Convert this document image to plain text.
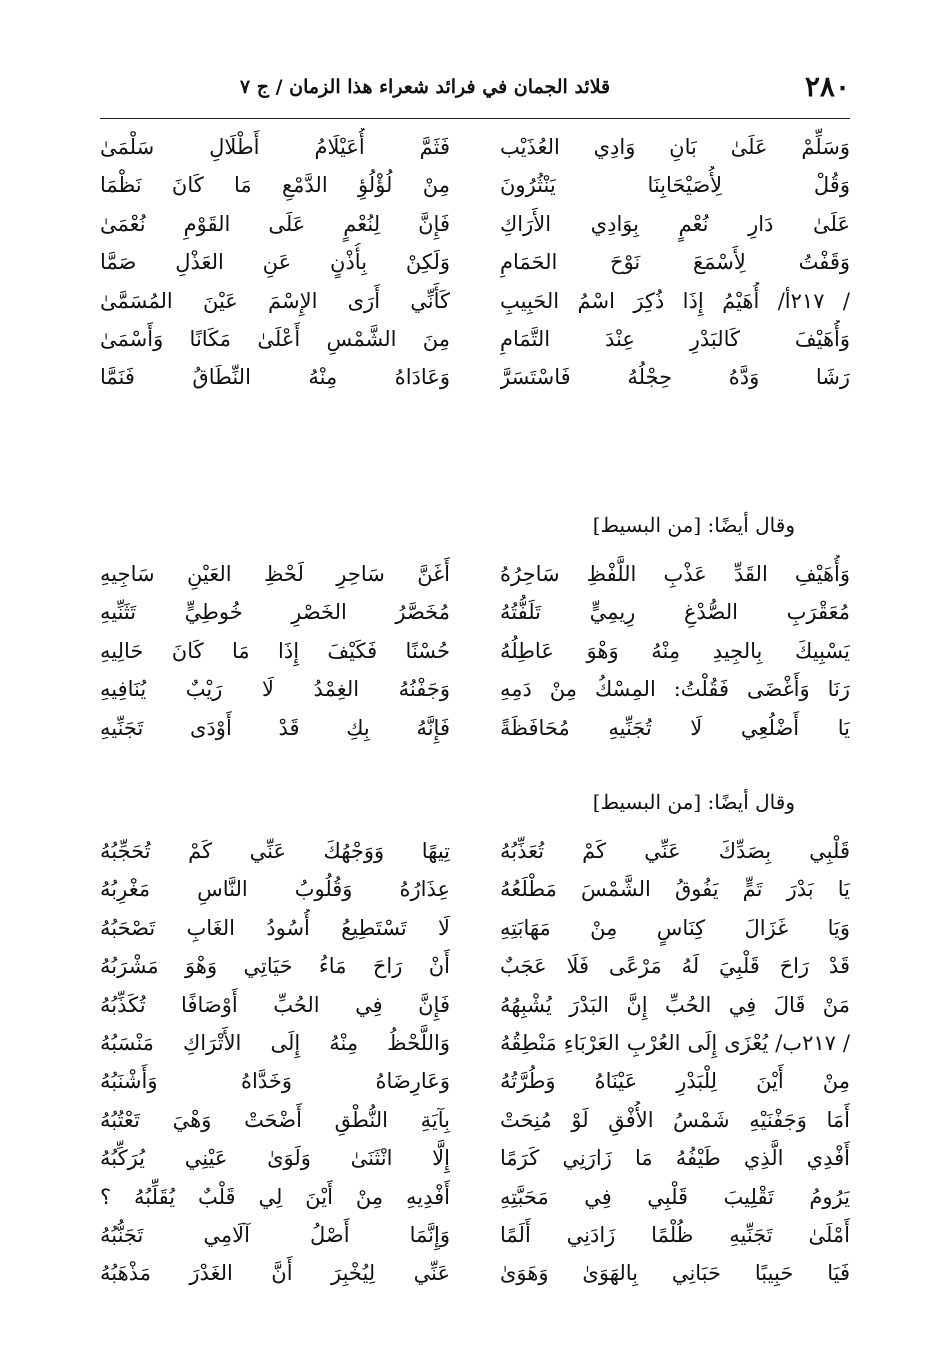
٢٨٠
قلائد الجمان في فرائد شعراء هذا الزمان / ج ٧
وَسَلِّمْ عَلَىٰ بَانِ وَادِي العُذَيْب
فَثَمَّ أُعَيْلَامُ أَطْلَالِ سَلْمَىٰ
وَقُلْ لِأُصَيْحَابِنَا يَنْثُرُونَ
مِنْ لُؤْلُؤِ الدَّمْعِ مَا كَانَ نَظْمَا
عَلَىٰ دَارِ نُعْمٍ بِوَادِي الأَرَاكِ
فَإِنَّ لِنُعْمٍ عَلَى القَوْمِ نُعْمَىٰ
وَقَفْتُ لِأَسْمَعَ نَوْحَ الحَمَامِ
وَلَكِنْ بِأُذْنٍ عَنِ العَذْلِ صَمَّا
/ ٢١٧أ/ أُهَيْمُ إِذَا ذُكِرَ اسْمُ الحَبِيبِ
كَأَنِّي أَرَى الإِسْمَ عَيْنَ المُسَمَّىٰ
وَأُهَيْفَ كَالبَدْرِ عِنْدَ التَّمَامِ
مِنَ الشَّمْسِ أَعْلَىٰ مَكَانًا وَأَسْمَىٰ
رَشَا وَدَّهُ حِجْلُهُ فَاسْتَسَرَّ
وَعَادَاهُ مِنْهُ النِّطَاقُ فَنَمَّا
وقال أيضًا: [من البسيط]
وَأُهَيْفِ القَدِّ عَذْبِ اللَّفْظِ سَاحِرُهُ
أَغَنَّ سَاحِرِ لَحْظِ العَيْنِ سَاجِيهِ
مُعَقْرَبِ الصُّدْغِ رِيمِيٍّ تَلَفُّتُهُ
مُخَصَّرُ الخَصْرِ خُوطِيٍّ تَثَنِّيهِ
يَسْبِيكَ بِالجِيدِ مِنْهُ وَهْوَ عَاطِلُهُ
حُسْنًا فَكَيْفَ إِذَا مَا كَانَ حَالِيهِ
رَنَا وَأَغْضَى فَقُلْتُ: المِسْكُ مِنْ دَمِهِ
وَجَفْنُهُ الغِمْدُ لَا رَيْبٌ يُنَافِيهِ
يَا أَضْلُعِي لَا تُجَنِّيهِ مُحَافَظَةً
فَإِنَّهُ بِكِ قَدْ أَوْدَى تَجَنِّيهِ
وقال أيضًا: [من البسيط]
قَلْبِي بِصَدِّكَ عَنِّي كَمْ تُعَذِّبُهُ
تِيهًا وَوَجْهُكَ عَنِّي كَمْ تُحَجِّبُهُ
يَا بَدْرَ تَمٍّ يَفُوقُ الشَّمْسَ مَطْلَعُهُ
عِذَارُهُ وَقُلُوبُ النَّاسِ مَغْرِبُهُ
وَيَا غَزَالَ كِنَاسٍ مِنْ مَهَابَتِهِ
لَا تَسْتَطِيعُ أُسُودُ الغَابِ تَصْحَبُهُ
قَدْ رَاحَ قَلْبِيَ لَهُ مَرْعًى فَلَا عَجَبٌ
أَنْ رَاحَ مَاءُ حَيَاتِي وَهْوَ مَشْرَبُهُ
مَنْ قَالَ فِي الحُبِّ إِنَّ البَدْرَ يُشْبِهُهُ
فَإِنَّ فِي الحُبِّ أَوْصَافًا تُكَذِّبُهُ
/ ٢١٧ب/ يُعْزَى إِلَى العُرْبِ العَرْبَاءِ مَنْطِقُهُ
وَاللَّحْظُ مِنْهُ إِلَى الأَتْرَاكِ مَنْسَبُهُ
مِنْ أَيْنَ لِلْبَدْرِ عَيْنَاهُ وَطُرَّتُهُ
وَعَارِضَاهُ وَخَدَّاهُ وَأَشْنَبُهُ
أَمَا وَجَفْنَيْهِ شَمْسُ الأُفْقِ لَوْ مُنِحَتْ
بِآيَةِ النُّطْقِ أَضْحَتْ وَهْيَ تَعْتُبُهُ
أَفْدِي الَّذِي طَيْفُهُ مَا زَارَنِي كَرَمًا
إِلَّا انْثَنَىٰ وَلَوَىٰ عَيْنِي يُرَكِّبُهُ
يَرُومُ تَقْلِيبَ قَلْبِي فِي مَحَبَّتِهِ
أَفْدِيهِ مِنْ أَيْنَ لِي قَلْبٌ يُقَلِّبُهُ ؟
أَمْلَىٰ تَجَنِّيهِ ظُلْمًا زَادَنِي أَلَمًا
وَإِنَّمَا أَصْلُ آلَامِي تَجَنُّبُهُ
فَيَا حَبِيبًا حَبَانِي بِالهَوَىٰ وَهَوَىٰ
عَنِّي لِيُخْبِرَ أَنَّ الغَدْرَ مَذْهَبُهُ
